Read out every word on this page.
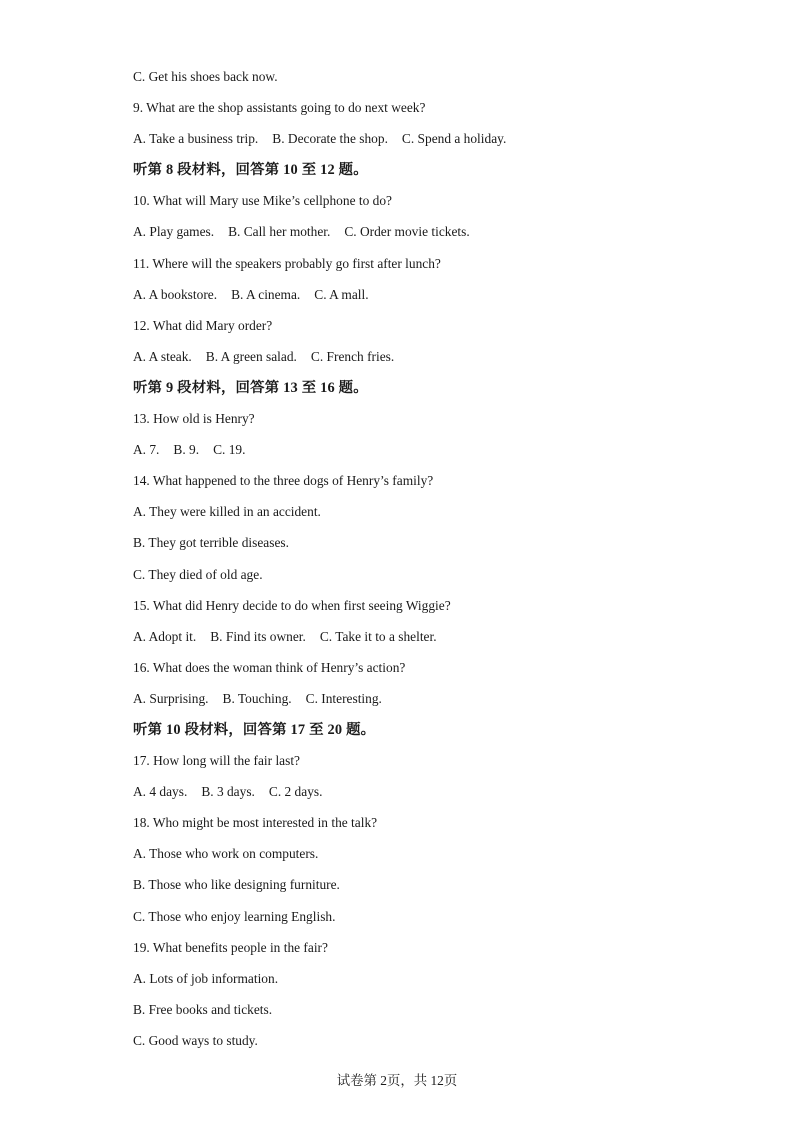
C. Get his shoes back now.
9. What are the shop assistants going to do next week?
A. Take a business trip. B. Decorate the shop. C. Spend a holiday.
听第 8 段材料，回答第 10 至 12 题。
10. What will Mary use Mike’s cellphone to do?
A. Play games. B. Call her mother. C. Order movie tickets.
11. Where will the speakers probably go first after lunch?
A. A bookstore. B. A cinema. C. A mall.
12. What did Mary order?
A. A steak. B. A green salad. C. French fries.
听第 9 段材料，回答第 13 至 16 题。
13. How old is Henry?
A. 7. B. 9. C. 19.
14. What happened to the three dogs of Henry’s family?
A. They were killed in an accident.
B. They got terrible diseases.
C. They died of old age.
15. What did Henry decide to do when first seeing Wiggie?
A. Adopt it. B. Find its owner. C. Take it to a shelter.
16. What does the woman think of Henry’s action?
A. Surprising. B. Touching. C. Interesting.
听第 10 段材料，回答第 17 至 20 题。
17. How long will the fair last?
A. 4 days. B. 3 days. C. 2 days.
18. Who might be most interested in the talk?
A. Those who work on computers.
B. Those who like designing furniture.
C. Those who enjoy learning English.
19. What benefits people in the fair?
A. Lots of job information.
B. Free books and tickets.
C. Good ways to study.
试卷第 2页，共 12页
